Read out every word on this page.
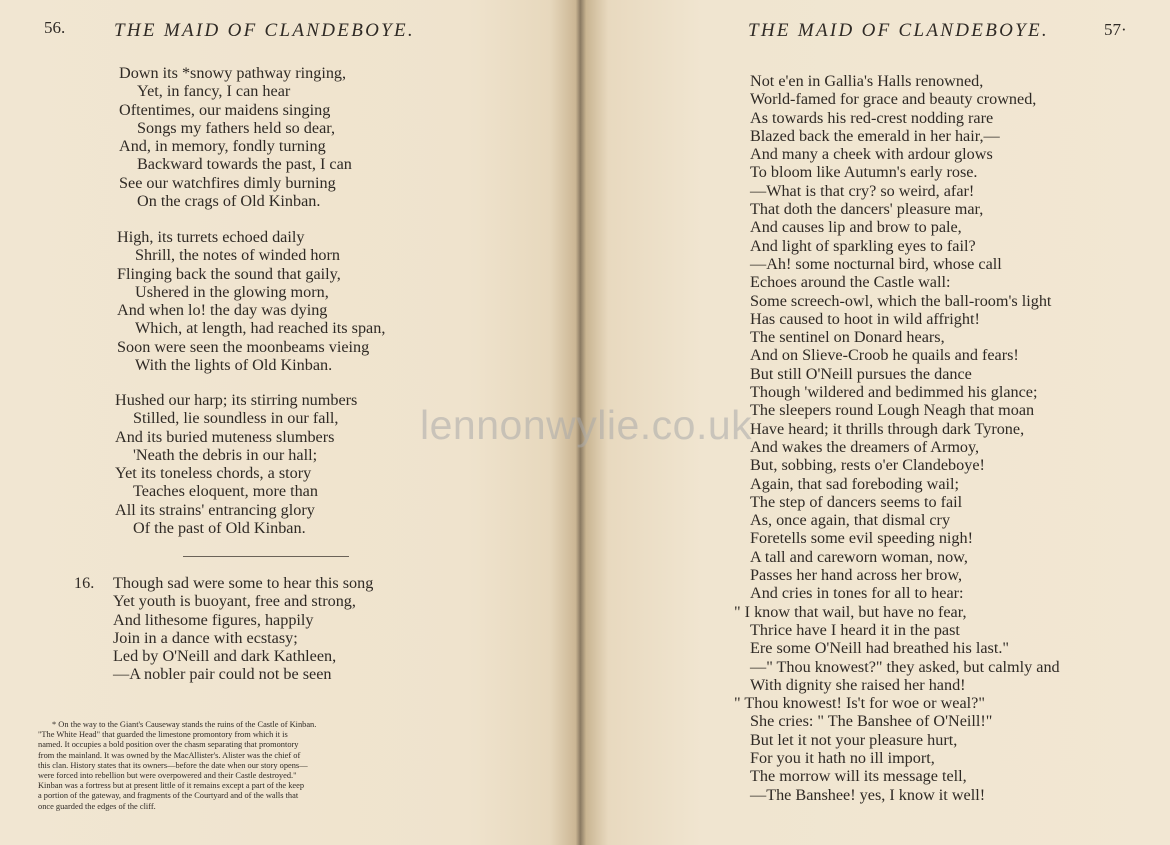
56.	THE MAID OF CLANDEBOYE.
Down its *snowy pathway ringing,
Yet, in fancy, I can hear
Oftentimes, our maidens singing
Songs my fathers held so dear,
And, in memory, fondly turning
Backward towards the past, I can
See our watchfires dimly burning
On the crags of Old Kinban.
High, its turrets echoed daily
Shrill, the notes of winded horn
Flinging back the sound that gaily,
Ushered in the glowing morn,
And when lo! the day was dying
Which, at length, had reached its span,
Soon were seen the moonbeams vieing
With the lights of Old Kinban.
Hushed our harp; its stirring numbers
Stilled, lie soundless in our fall,
And its buried muteness slumbers
'Neath the debris in our hall;
Yet its toneless chords, a story
Teaches eloquent, more than
All its strains' entrancing glory
Of the past of Old Kinban.
16. Though sad were some to hear this song
Yet youth is buoyant, free and strong,
And lithesome figures, happily
Join in a dance with ecstasy;
Led by O'Neill and dark Kathleen,
—A nobler pair could not be seen
* On the way to the Giant's Causeway stands the ruins of the Castle of Kinban.
"The White Head" that guarded the limestone promontory from which it is
named. It occupies a bold position over the chasm separating that promontory
from the mainland. It was owned by the MacAllister's. Alister was the chief of
this clan. History states that its owners—before the date when our story opens—
were forced into rebellion but were overpowered and their Castle destroyed."
Kinban was a fortress but at present little of it remains except a part of the keep
a portion of the gateway, and fragments of the Courtyard and of the walls that
once guarded the edges of the cliff.
THE MAID OF CLANDEBOYE.	57·
Not e'en in Gallia's Halls renowned,
World-famed for grace and beauty crowned,
As towards his red-crest nodding rare
Blazed back the emerald in her hair,—
And many a cheek with ardour glows
To bloom like Autumn's early rose.
—What is that cry? so weird, afar!
That doth the dancers' pleasure mar,
And causes lip and brow to pale,
And light of sparkling eyes to fail?
—Ah! some nocturnal bird, whose call
Echoes around the Castle wall:
Some screech-owl, which the ball-room's light
Has caused to hoot in wild affright!
The sentinel on Donard hears,
And on Slieve-Croob he quails and fears!
But still O'Neill pursues the dance
Though 'wildered and bedimmed his glance;
The sleepers round Lough Neagh that moan
Have heard; it thrills through dark Tyrone,
And wakes the dreamers of Armoy,
But, sobbing, rests o'er Clandeboye!
Again, that sad foreboding wail;
The step of dancers seems to fail
As, once again, that dismal cry
Foretells some evil speeding nigh!
A tall and careworn woman, now,
Passes her hand across her brow,
And cries in tones for all to hear:
" I know that wail, but have no fear,
Thrice have I heard it in the past
Ere some O'Neill had breathed his last."
—" Thou knowest?" they asked, but calmly and
With dignity she raised her hand!
" Thou knowest! Is't for woe or weal?"
She cries: " The Banshee of O'Neill!"
But let it not your pleasure hurt,
For you it hath no ill import,
The morrow will its message tell,
—The Banshee! yes, I know it well!
lennonwylie.co.uk
